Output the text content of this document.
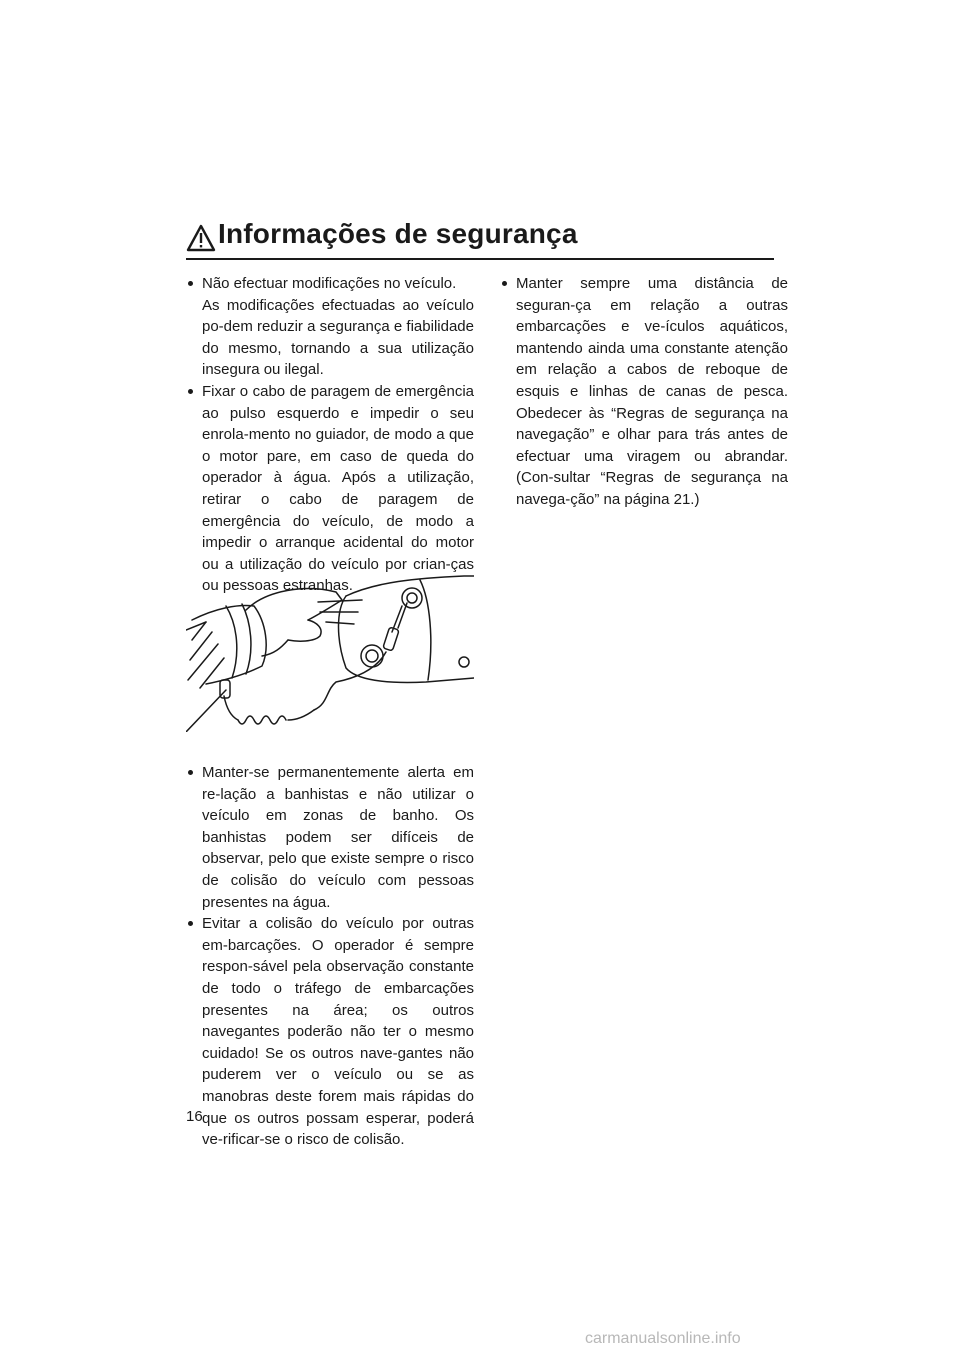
Informações de segurança

Não efectuar modificações no veículo.

As modificações efectuadas ao veículo po-dem reduzir a segurança e fiabilidade do mesmo, tornando a sua utilização insegura ou ilegal.

Fixar o cabo de paragem de emergência ao pulso esquerdo e impedir o seu enrola-mento no guiador, de modo a que o motor pare, em caso de queda do operador à água. Após a utilização, retirar o cabo de paragem de emergência do veículo, de modo a impedir o arranque acidental do motor ou a utilização do veículo por crian-ças ou pessoas estranhas.

Manter-se permanentemente alerta em re-lação a banhistas e não utilizar o veículo em zonas de banho. Os banhistas podem ser difíceis de observar, pelo que existe sempre o risco de colisão do veículo com pessoas presentes na água.

Evitar a colisão do veículo por outras em-barcações. O operador é sempre respon-sável pela observação constante de todo o tráfego de embarcações presentes na área; os outros navegantes poderão não ter o mesmo cuidado! Se os outros nave-gantes não puderem ver o veículo ou se as manobras deste forem mais rápidas do que os outros possam esperar, poderá ve-rificar-se o risco de colisão.

Manter sempre uma distância de seguran-ça em relação a outras embarcações e ve-ículos aquáticos, mantendo ainda uma constante atenção em relação a cabos de reboque de esquis e linhas de canas de pesca. Obedecer às “Regras de segurança na navegação” e olhar para trás antes de efectuar uma viragem ou abrandar. (Con-sultar “Regras de segurança na navega-ção” na página 21.)

16
carmanualsonline.info
